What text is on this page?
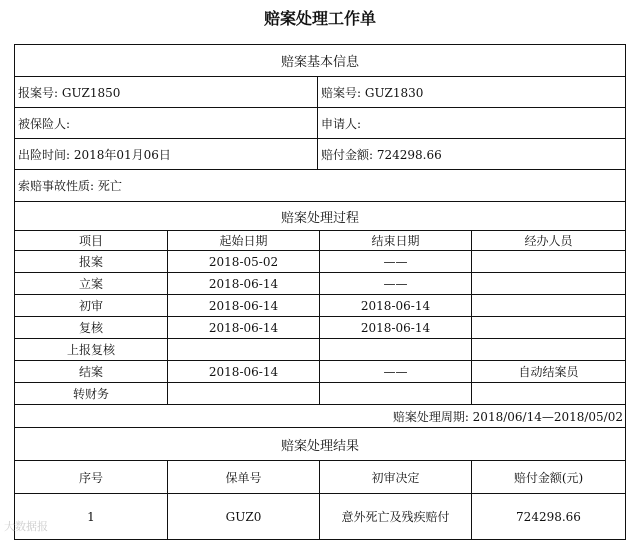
赔案处理工作单
赔案基本信息
报案号: GUZ1850	赔案号: GUZ1830
被保险人:	申请人:
出险时间: 2018年01月06日	赔付金额: 724298.66
索赔事故性质: 死亡
赔案处理过程
项目	起始日期	结束日期	经办人员
报案	2018-05-02	——
立案	2018-06-14	——
初审	2018-06-14	2018-06-14
复核	2018-06-14	2018-06-14
上报复核
结案	2018-06-14	——	自动结案员
转财务
赔案处理周期: 2018/06/14—2018/05/02
赔案处理结果
序号	保单号	初审决定	赔付金额(元)
1	GUZ0	意外死亡及残疾赔付	724298.66
大数据报
